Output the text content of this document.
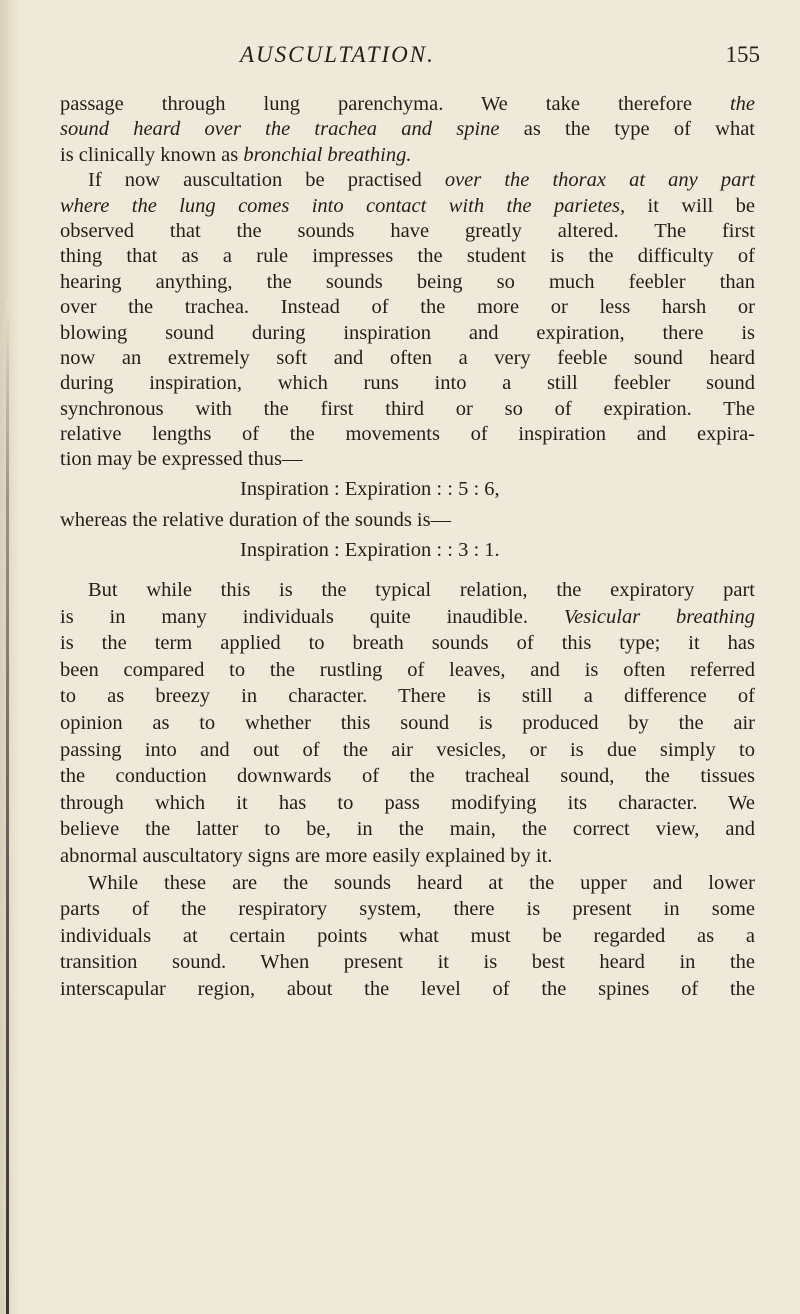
AUSCULTATION.	155
passage through lung parenchyma. We take therefore the
sound heard over the trachea and spine as the type of what
is clinically known as bronchial breathing.
If now auscultation be practised over the thorax at any part
where the lung comes into contact with the parietes, it will be
observed that the sounds have greatly altered. The first
thing that as a rule impresses the student is the difficulty of
hearing anything, the sounds being so much feebler than
over the trachea. Instead of the more or less harsh or
blowing sound during inspiration and expiration, there is
now an extremely soft and often a very feeble sound heard
during inspiration, which runs into a still feebler sound
synchronous with the first third or so of expiration. The
relative lengths of the movements of inspiration and expira-
tion may be expressed thus—
Inspiration : Expiration : : 5 : 6,
whereas the relative duration of the sounds is—
Inspiration : Expiration : : 3 : 1.
But while this is the typical relation, the expiratory part
is in many individuals quite inaudible. Vesicular breathing
is the term applied to breath sounds of this type; it has
been compared to the rustling of leaves, and is often referred
to as breezy in character. There is still a difference of
opinion as to whether this sound is produced by the air
passing into and out of the air vesicles, or is due simply to
the conduction downwards of the tracheal sound, the tissues
through which it has to pass modifying its character. We
believe the latter to be, in the main, the correct view, and
abnormal auscultatory signs are more easily explained by it.
While these are the sounds heard at the upper and lower
parts of the respiratory system, there is present in some
individuals at certain points what must be regarded as a
transition sound. When present it is best heard in the
interscapular region, about the level of the spines of the
